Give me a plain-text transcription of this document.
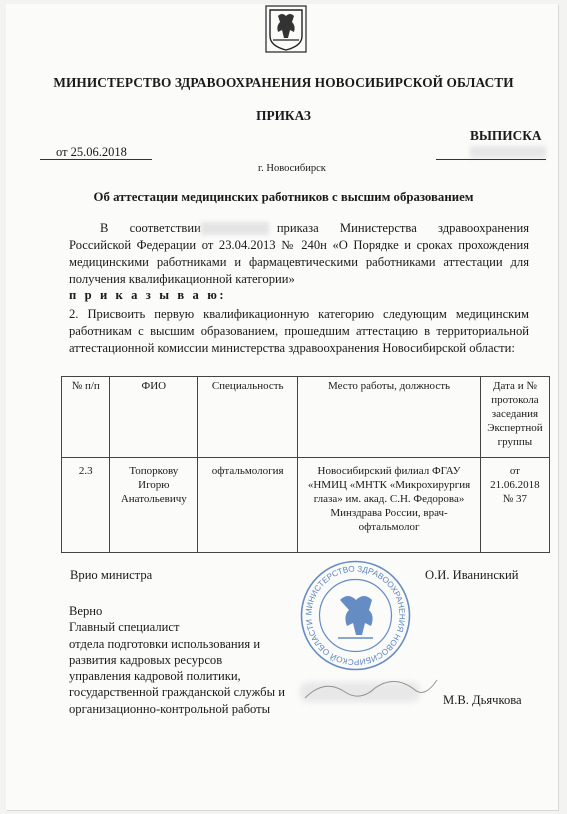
МИНИСТЕРСТВО ЗДРАВООХРАНЕНИЯ НОВОСИБИРСКОЙ ОБЛАСТИ
ПРИКАЗ
ВЫПИСКА
от 25.06.2018
г. Новосибирск
Об аттестации медицинских работников с высшим образованием
В соответствии	приказа Министерства здравоохранения Российской Федерации от 23.04.2013 № 240н «О Порядке и сроках прохождения медицинскими работниками и фармацевтическими работниками аттестации для получения квалификационной категории»
п р и к а з ы в а ю:
2. Присвоить первую квалификационную категорию следующим медицинским работникам с высшим образованием, прошедшим аттестацию в территориальной аттестационной комиссии министерства здравоохранения Новосибирской области:
№ п/п	ФИО	Специальность	Место работы, должность	Дата и № протокола заседания Экспертной группы
2.3	Топоркову Игорю Анатольевичу	офтальмология	Новосибирский филиал ФГАУ «НМИЦ «МНТК «Микрохирургия глаза» им. акад. С.Н. Федорова» Минздрава России, врач-офтальмолог	от 21.06.2018 № 37
Врио министра	О.И. Иванинский
МИНИСТЕРСТВО ЗДРАВООХРАНЕНИЯ НОВОСИБИРСКОЙ ОБЛАСТИ
Верно
Главный специалист
отдела подготовки использования и
развития кадровых ресурсов
управления кадровой политики,
государственной гражданской службы и
организационно-контрольной работы
М.В. Дьячкова
